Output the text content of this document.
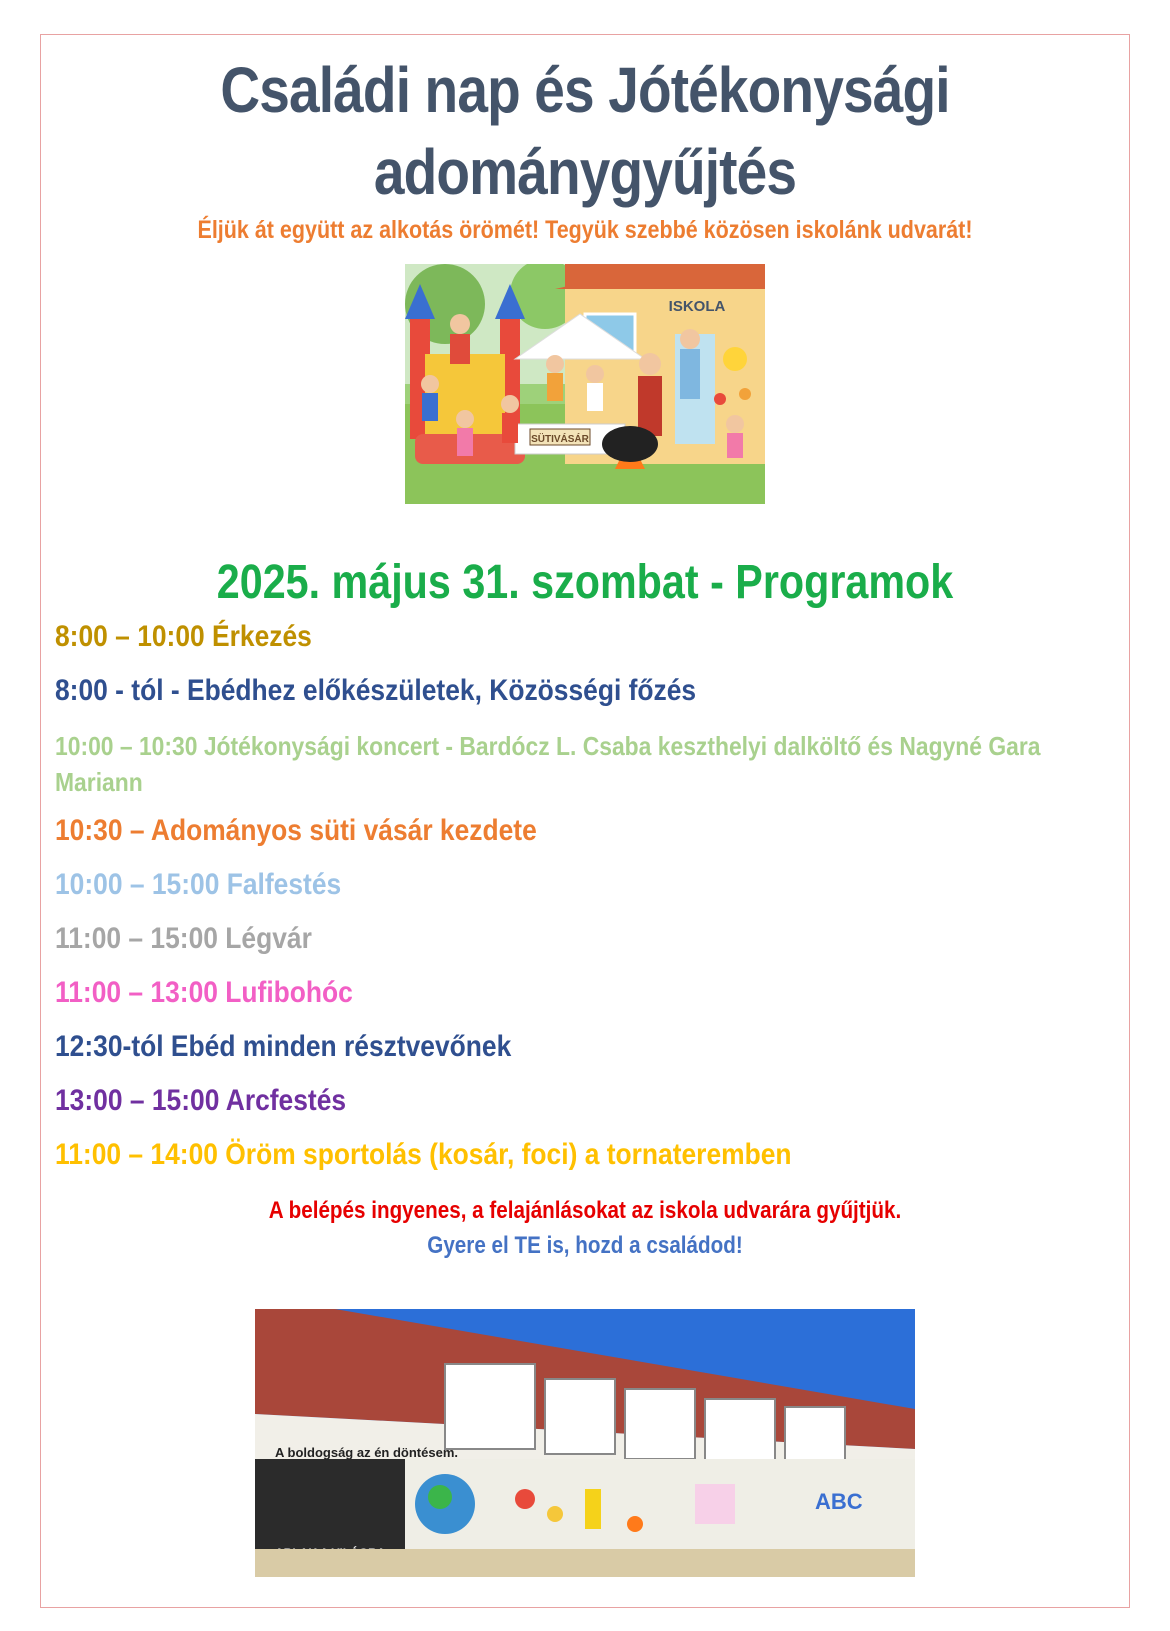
Családi nap és Jótékonysági
adománygyűjtés
Éljük át együtt az alkotás örömét! Tegyük szebbé közösen iskolánk udvarát!
ISKOLA
SÜTIVÁSÁR
2025. május 31. szombat - Programok
8:00 – 10:00 Érkezés
8:00 - tól - Ebédhez előkészületek, Közösségi főzés
10:00 – 10:30 Jótékonysági koncert - Bardócz L. Csaba keszthelyi dalköltő és Nagyné Gara Mariann
10:30 – Adományos süti vásár kezdete
10:00 – 15:00 Falfestés
11:00 – 15:00 Légvár
11:00 – 13:00 Lufibohóc
12:30-tól Ebéd minden résztvevőnek
13:00 – 15:00 Arcfestés
11:00 – 14:00 Öröm sportolás (kosár, foci) a tornateremben
A belépés ingyenes, a felajánlásokat az iskola udvarára gyűjtjük.
Gyere el TE is, hozd a családod!
A boldogság az én döntésem.
ABC
